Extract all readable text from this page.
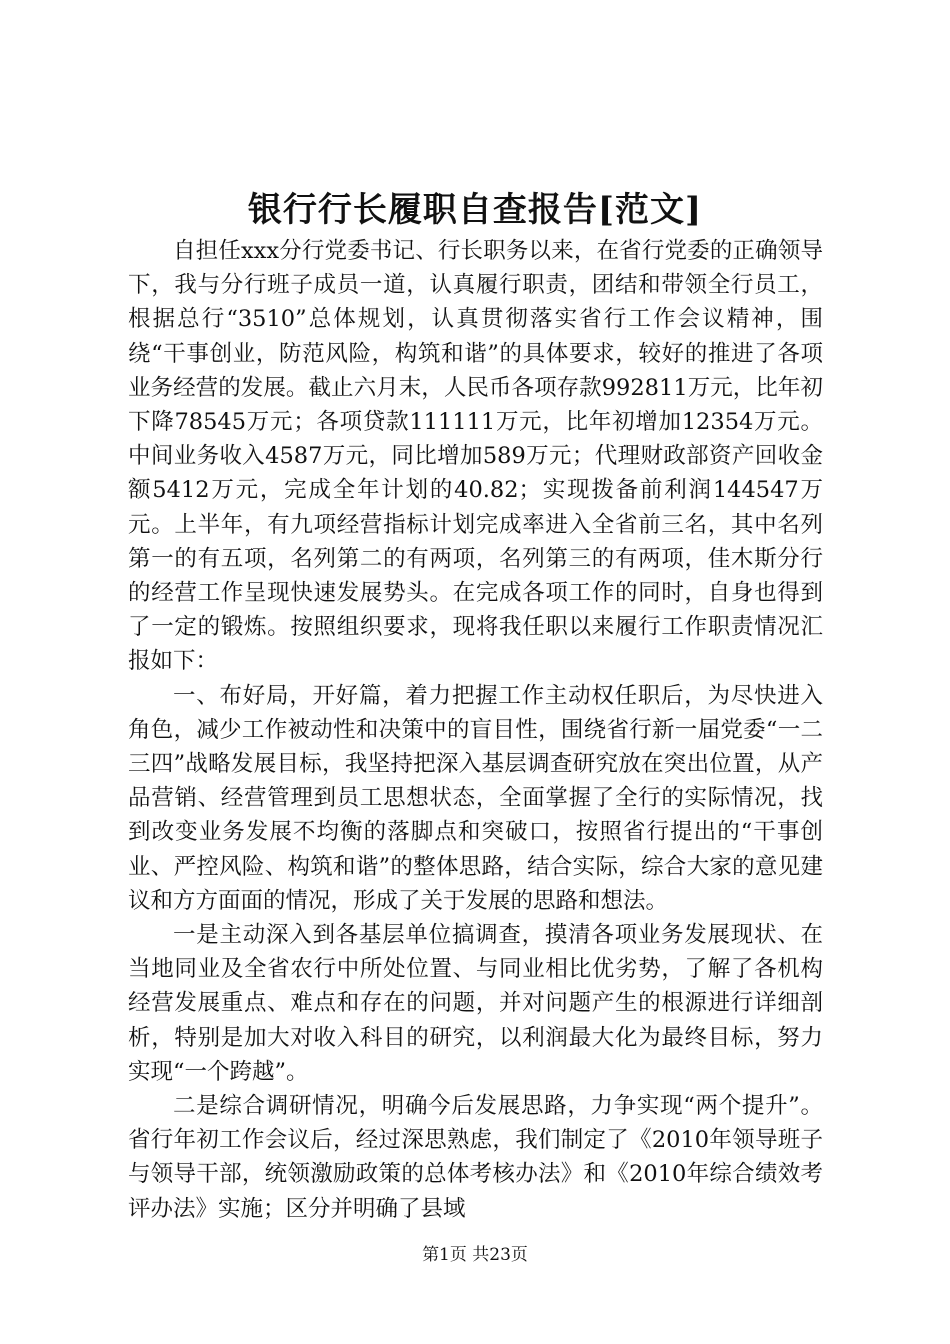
银行行长履职自查报告[范文]

自担任xxx分行党委书记、行长职务以来，在省行党委的正确领导下，我与分行班子成员一道，认真履行职责，团结和带领全行员工，根据总行“3510”总体规划，认真贯彻落实省行工作会议精神，围绕“干事创业，防范风险，构筑和谐”的具体要求，较好的推进了各项业务经营的发展。截止六月末，人民币各项存款992811万元，比年初下降78545万元；各项贷款111111万元，比年初增加12354万元。中间业务收入4587万元，同比增加589万元；代理财政部资产回收金额5412万元，完成全年计划的40.82；实现拨备前利润144547万元。上半年，有九项经营指标计划完成率进入全省前三名，其中名列第一的有五项，名列第二的有两项，名列第三的有两项，佳木斯分行的经营工作呈现快速发展势头。在完成各项工作的同时，自身也得到了一定的锻炼。按照组织要求，现将我任职以来履行工作职责情况汇报如下：

一、布好局，开好篇，着力把握工作主动权任职后，为尽快进入角色，减少工作被动性和决策中的盲目性，围绕省行新一届党委“一二三四”战略发展目标，我坚持把深入基层调查研究放在突出位置，从产品营销、经营管理到员工思想状态，全面掌握了全行的实际情况，找到改变业务发展不均衡的落脚点和突破口，按照省行提出的“干事创业、严控风险、构筑和谐”的整体思路，结合实际，综合大家的意见建议和方方面面的情况，形成了关于发展的思路和想法。

一是主动深入到各基层单位搞调查，摸清各项业务发展现状、在当地同业及全省农行中所处位置、与同业相比优劣势，了解了各机构经营发展重点、难点和存在的问题，并对问题产生的根源进行详细剖析，特别是加大对收入科目的研究，以利润最大化为最终目标，努力实现“一个跨越”。

二是综合调研情况，明确今后发展思路，力争实现“两个提升”。省行年初工作会议后，经过深思熟虑，我们制定了《2010年领导班子与领导干部，统领激励政策的总体考核办法》和《2010年综合绩效考评办法》实施；区分并明确了县域

第1页 共23页
